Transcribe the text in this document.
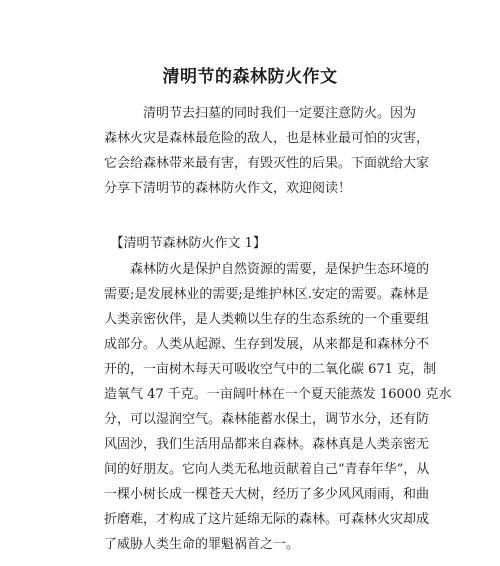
清明节的森林防火作文
　　　清明节去扫墓的同时我们一定要注意防火。因为
森林火灾是森林最危险的敌人，也是林业最可怕的灾害，
它会给森林带来最有害，有毁灭性的后果。下面就给大家
分享下清明节的森林防火作文，欢迎阅读！
　【清明节森林防火作文 1】
　　森林防火是保护自然资源的需要，是保护生态环境的
需要;是发展林业的需要;是维护林区.安定的需要。森林是
人类亲密伙伴，是人类赖以生存的生态系统的一个重要组
成部分。人类从起源、生存到发展，从来都是和森林分不
开的，一亩树木每天可吸收空气中的二氧化碳 671 克，制
造氧气 47 千克。一亩阔叶林在一个夏天能蒸发 16000 克水
分，可以湿润空气。森林能蓄水保土，调节水分，还有防
风固沙，我们生活用品都来自森林。森林真是人类亲密无
间的好朋友。它向人类无私地贡献着自己“青春年华”，从
一棵小树长成一棵苍天大树，经历了多少风风雨雨，和曲
折磨难，才构成了这片延绵无际的森林。可森林火灾却成
了威胁人类生命的罪魁祸首之一。
